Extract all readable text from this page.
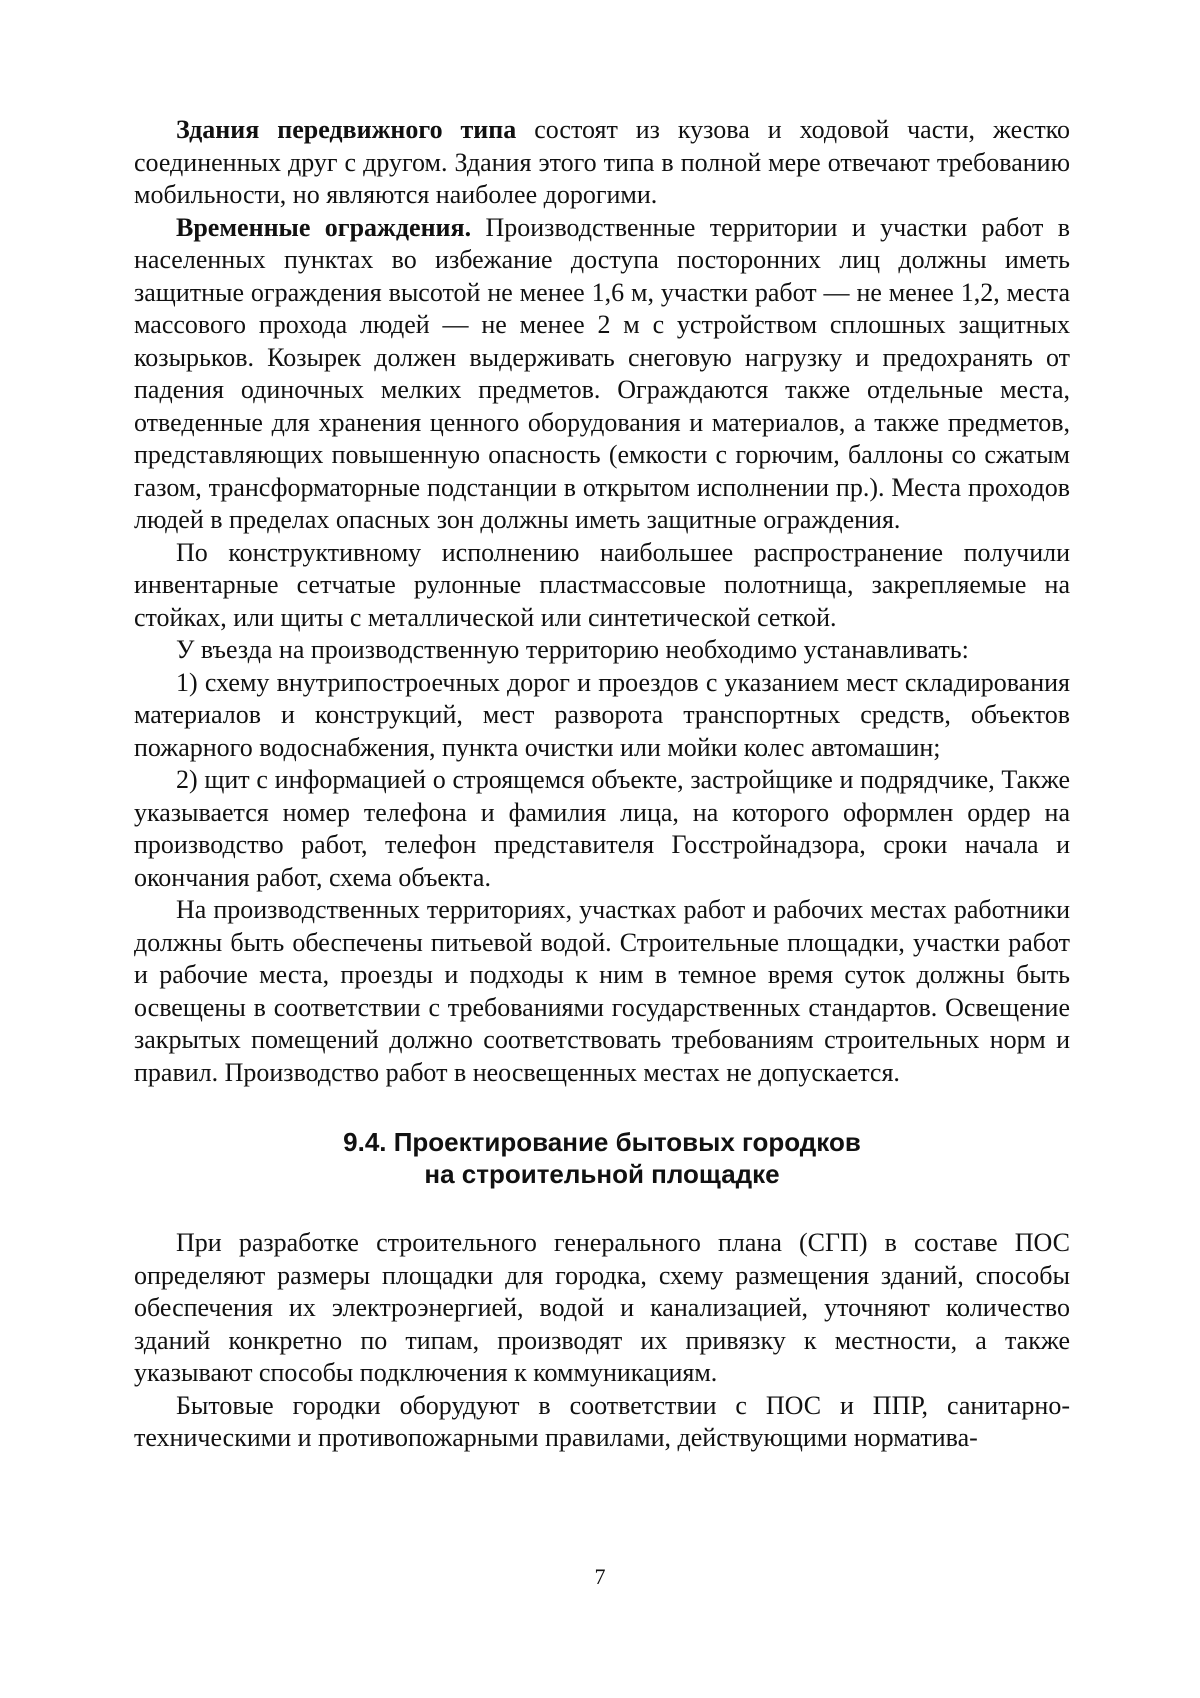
Здания передвижного типа состоят из кузова и ходовой части, жестко соединенных друг с другом. Здания этого типа в полной мере отвечают требованию мобильности, но являются наиболее дорогими.

Временные ограждения. Производственные территории и участки работ в населенных пунктах во избежание доступа посторонних лиц должны иметь защитные ограждения высотой не менее 1,6 м, участки работ — не менее 1,2, места массового прохода людей — не менее 2 м с устройством сплошных защитных козырьков. Козырек должен выдерживать снеговую нагрузку и предохранять от падения одиночных мелких предметов. Ограждаются также отдельные места, отведенные для хранения ценного оборудования и материалов, а также предметов, представляющих повышенную опасность (емкости с горючим, баллоны со сжатым газом, трансформаторные подстанции в открытом исполнении пр.). Места проходов людей в пределах опасных зон должны иметь защитные ограждения.

По конструктивному исполнению наибольшее распространение получили инвентарные сетчатые рулонные пластмассовые полотнища, закрепляемые на стойках, или щиты с металлической или синтетической сеткой.

У въезда на производственную территорию необходимо устанавливать:

1) схему внутрипостроечных дорог и проездов с указанием мест складирования материалов и конструкций, мест разворота транспортных средств, объектов пожарного водоснабжения, пункта очистки или мойки колес автомашин;

2) щит с информацией о строящемся объекте, застройщике и подрядчике, Также указывается номер телефона и фамилия лица, на которого оформлен ордер на производство работ, телефон представителя Госстройнадзора, сроки начала и окончания работ, схема объекта.

На производственных территориях, участках работ и рабочих местах работники должны быть обеспечены питьевой водой. Строительные площадки, участки работ и рабочие места, проезды и подходы к ним в темное время суток должны быть освещены в соответствии с требованиями государственных стандартов. Освещение закрытых помещений должно соответствовать требованиям строительных норм и правил. Производство работ в неосвещенных местах не допускается.

9.4. Проектирование бытовых городков
на строительной площадке

При разработке строительного генерального плана (СГП) в составе ПОС определяют размеры площадки для городка, схему размещения зданий, способы обеспечения их электроэнергией, водой и канализацией, уточняют количество зданий конкретно по типам, производят их привязку к местности, а также указывают способы подключения к коммуникациям.

Бытовые городки оборудуют в соответствии с ПОС и ППР, санитарно-техническими и противопожарными правилами, действующими норматива-

7
